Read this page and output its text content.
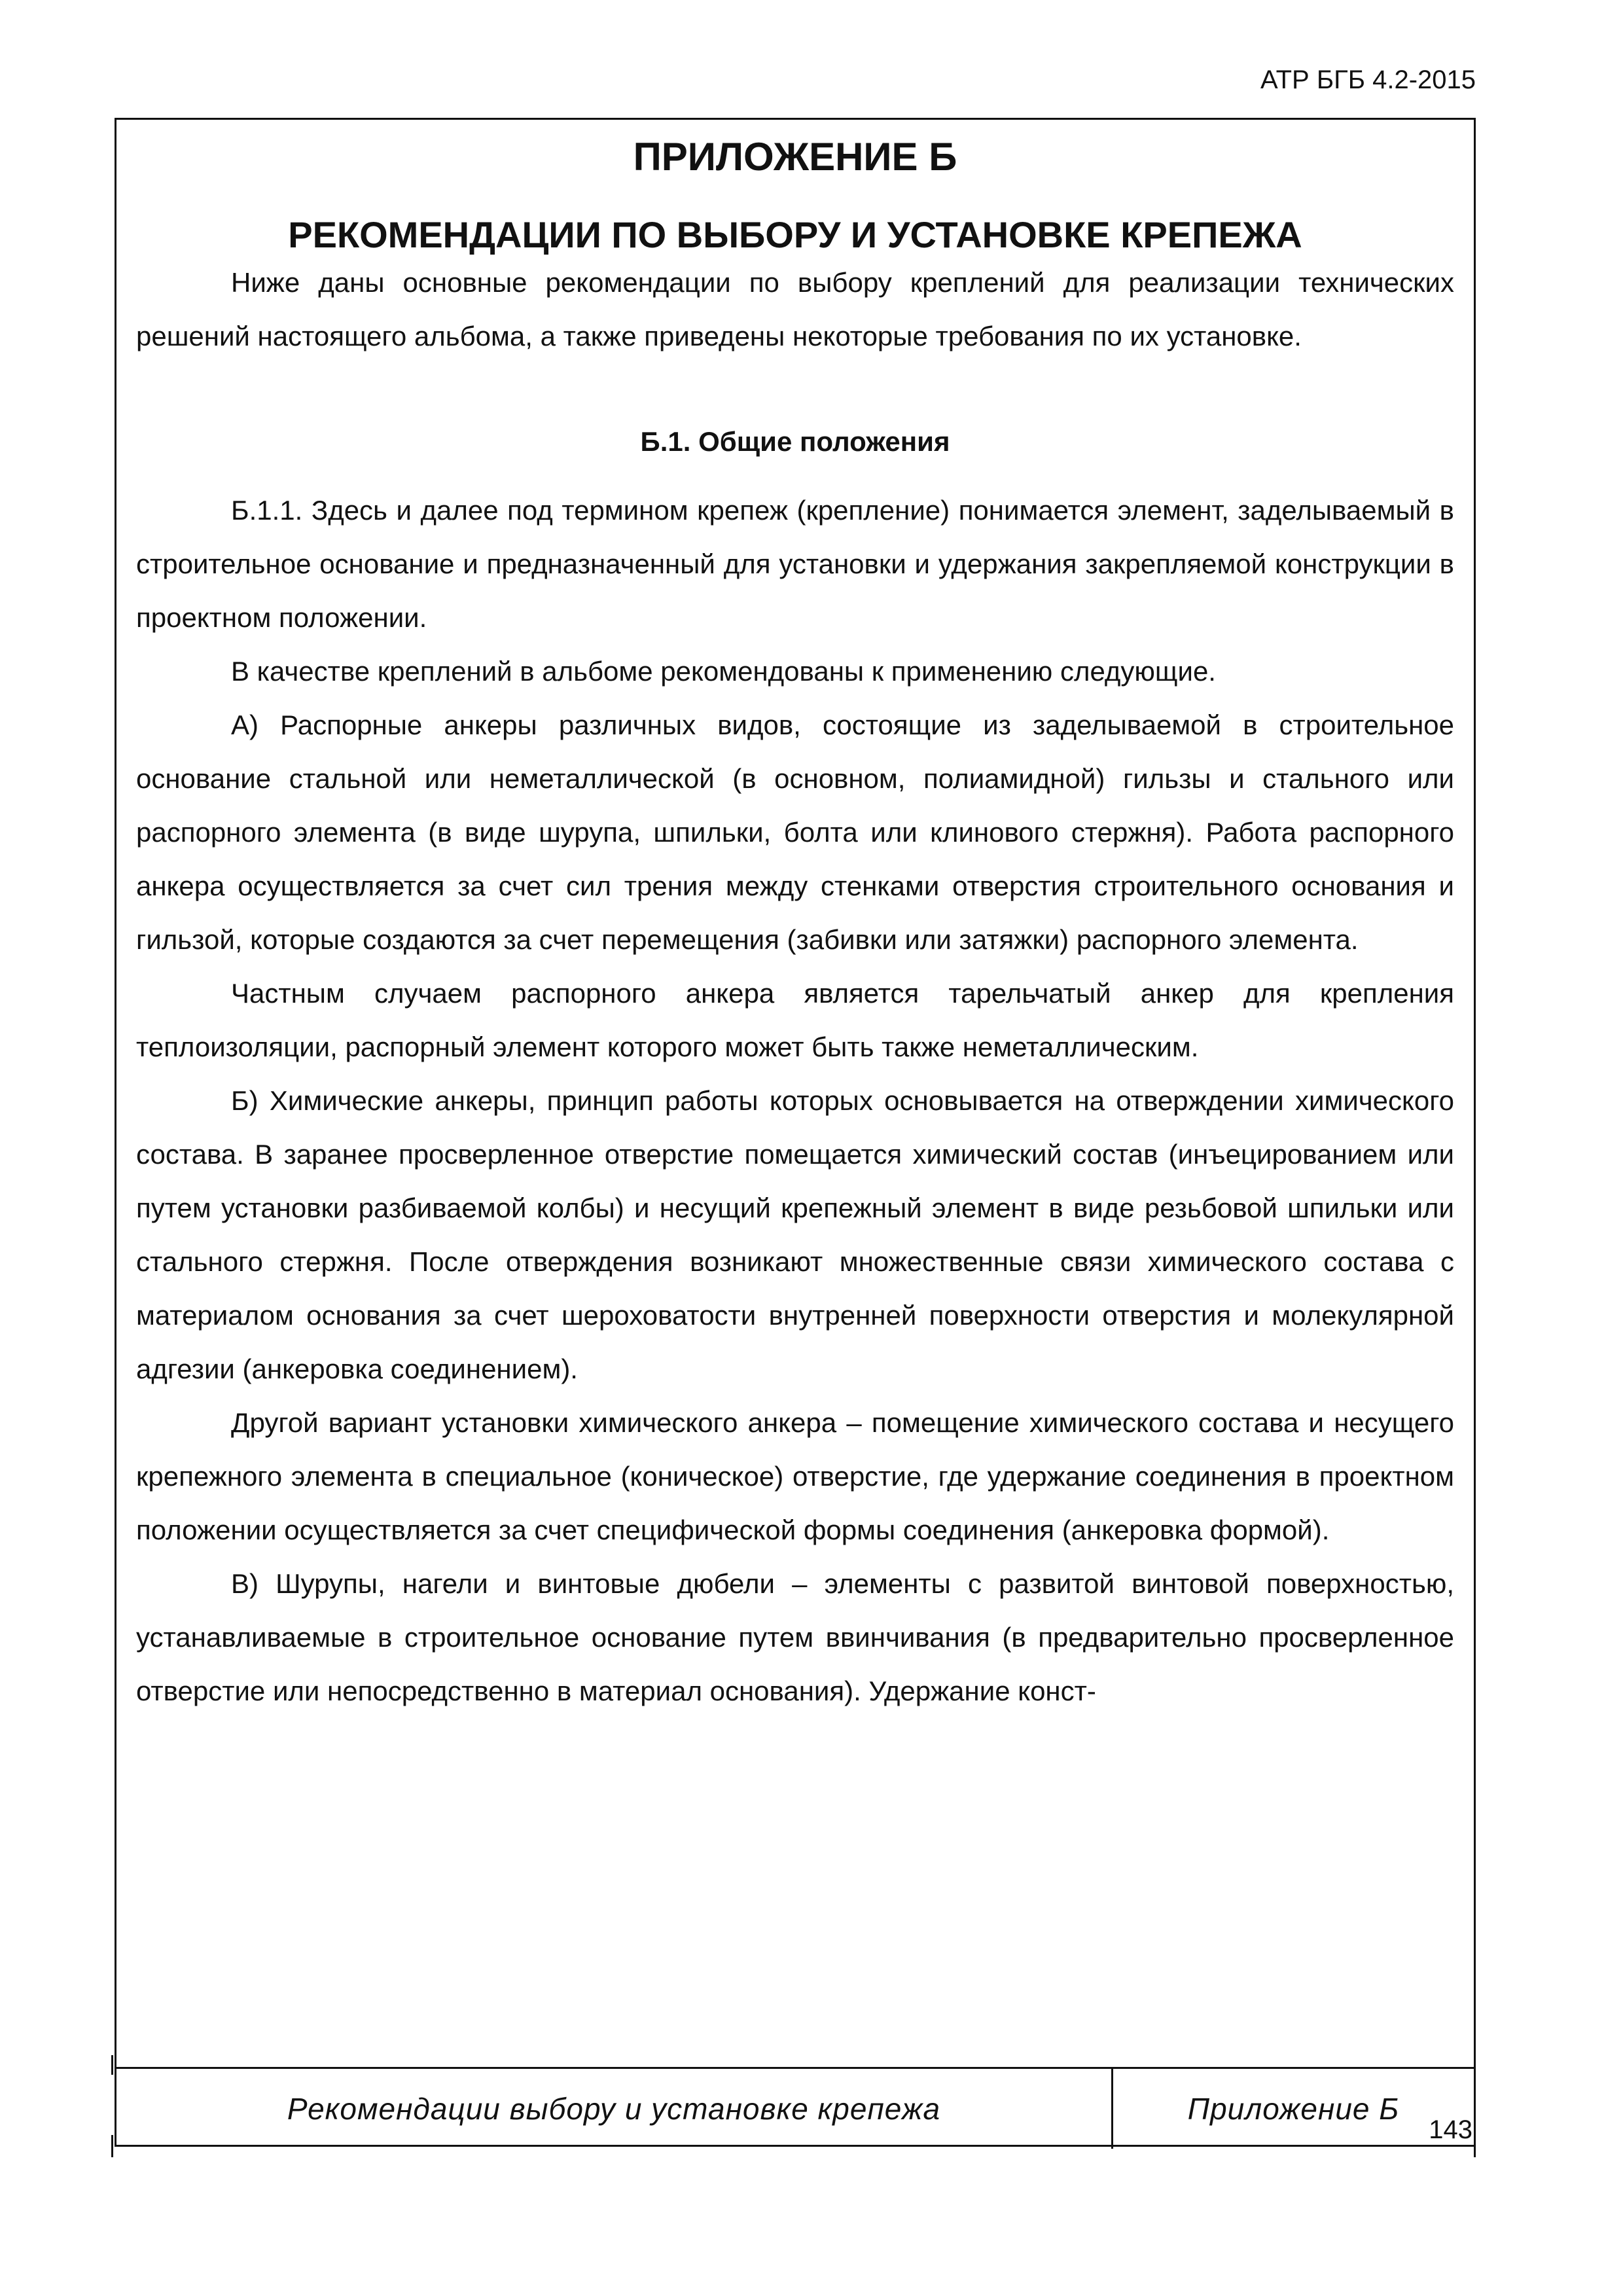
АТР БГБ 4.2-2015
ПРИЛОЖЕНИЕ Б
РЕКОМЕНДАЦИИ ПО ВЫБОРУ И УСТАНОВКЕ КРЕПЕЖА

Ниже даны основные рекомендации по выбору креплений для реализации технических решений настоящего альбома, а также приведены некоторые требования по их установке.

Б.1. Общие положения

Б.1.1. Здесь и далее под термином крепеж (крепление) понимается элемент, заделываемый в строительное основание и предназначенный для установки и удержания закрепляемой конструкции в проектном положении.

В качестве креплений в альбоме рекомендованы к применению следующие.

А) Распорные анкеры различных видов, состоящие из заделываемой в строительное основание стальной или неметаллической (в основном, полиамидной) гильзы и стального или распорного элемента (в виде шурупа, шпильки, болта или клинового стержня). Работа распорного анкера осуществляется за счет сил трения между стенками отверстия строительного основания и гильзой, которые создаются за счет перемещения (забивки или затяжки) распорного элемента.

Частным случаем распорного анкера является тарельчатый анкер для крепления теплоизоляции, распорный элемент которого может быть также неметаллическим.

Б) Химические анкеры, принцип работы которых основывается на отверждении химического состава. В заранее просверленное отверстие помещается химический состав (инъецированием или путем установки разбиваемой колбы) и несущий крепежный элемент в виде резьбовой шпильки или стального стержня. После отверждения возникают множественные связи химического состава с материалом основания за счет шероховатости внутренней поверхности отверстия и молекулярной адгезии (анкеровка соединением).

Другой вариант установки химического анкера – помещение химического состава и несущего крепежного элемента в специальное (коническое) отверстие, где удержание соединения в проектном положении осуществляется за счет специфической формы соединения (анкеровка формой).

В) Шурупы, нагели и винтовые дюбели – элементы с развитой винтовой поверхностью, устанавливаемые в строительное основание путем ввинчивания (в предварительно просверленное отверстие или непосредственно в материал основания). Удержание конст-

Рекомендации выбору и установке крепежа	Приложение Б
143
